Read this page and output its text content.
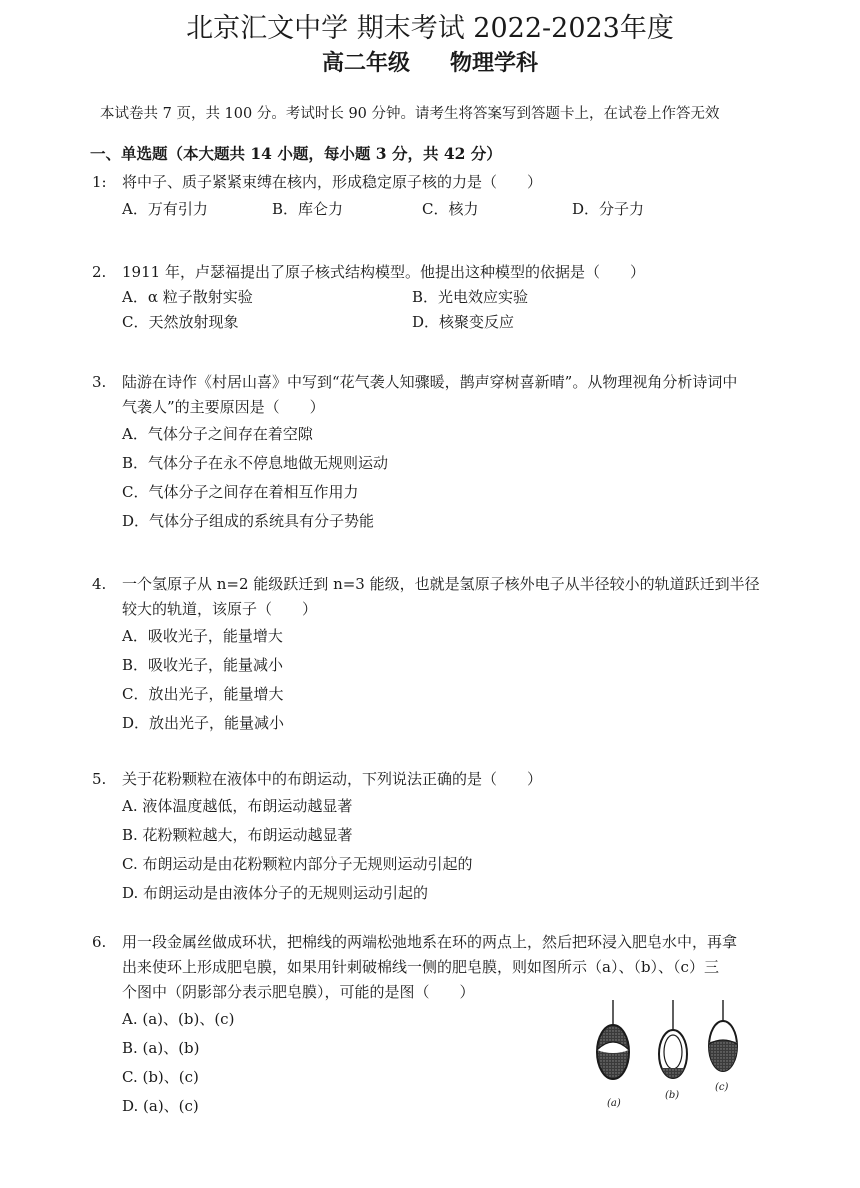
北京汇文中学 期末考试 2022-2023年度
高二年级 物理学科
本试卷共 7 页，共 100 分。考试时长 90 分钟。请考生将答案写到答题卡上，在试卷上作答无效
一、单选题（本大题共 14 小题，每小题 3 分，共 42 分）
1: 将中子、质子紧紧束缚在核内，形成稳定原子核的力是（　　）
A．万有引力	B．库仑力	C．核力	D．分子力
2. 1911 年，卢瑟福提出了原子核式结构模型。他提出这种模型的依据是（　　）
A．α 粒子散射实验	B．光电效应实验
C．天然放射现象	D．核聚变反应
3. 陆游在诗作《村居山喜》中写到“花气袭人知骤暖，鹊声穿树喜新晴”。从物理视角分析诗词中
气袭人”的主要原因是（　　）
A．气体分子之间存在着空隙
B．气体分子在永不停息地做无规则运动
C．气体分子之间存在着相互作用力
D．气体分子组成的系统具有分子势能
4. 一个氢原子从 n=2 能级跃迁到 n=3 能级，也就是氢原子核外电子从半径较小的轨道跃迁到半径
较大的轨道，该原子（　　）
A．吸收光子，能量增大
B．吸收光子，能量减小
C．放出光子，能量增大
D．放出光子，能量减小
5. 关于花粉颗粒在液体中的布朗运动，下列说法正确的是（　　）
A. 液体温度越低，布朗运动越显著
B. 花粉颗粒越大，布朗运动越显著
C. 布朗运动是由花粉颗粒内部分子无规则运动引起的
D. 布朗运动是由液体分子的无规则运动引起的
6. 用一段金属丝做成环状，把棉线的两端松弛地系在环的两点上，然后把环浸入肥皂水中，再拿
出来使环上形成肥皂膜，如果用针刺破棉线一侧的肥皂膜，则如图所示（a）、（b）、（c）三
个图中（阴影部分表示肥皂膜），可能的是图（　　）
A. (a)、(b)、(c)
B. (a)、(b)
C. (b)、(c)
D. (a)、(c)	(a)
(b)
(c)
